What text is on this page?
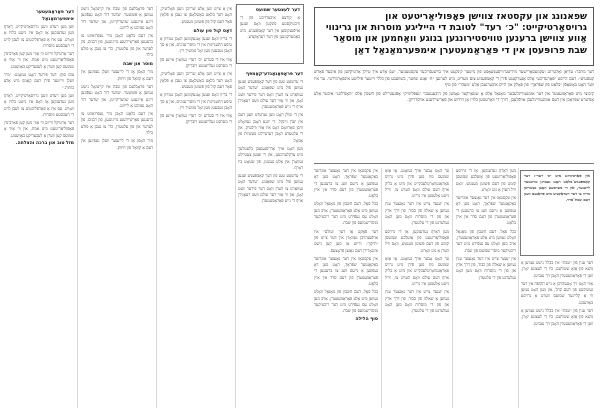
דער פּאַראַמעטער אימפּערמאַנאַל

ווען מען רעדט וועגן גרויסאַרטיקייט, דאַרף מען געדענקען אַז דאָס איז נישט בלויז אַ וואָרט. עס איז אַ פאַרפליכטונג צו לעבן לויט די העכסטע מוסרות.

דער אַרטיקל ווייזט ווי אַזוי מען קען פאַרבינדן פּאָפּוליאַריטעט מיט אמת, און ווי אַזוי אַ שמועס קען ווערן אַ לעבעדיקע באַוועגונג.

צום סוף, דער פירער האָט געזאָגט: ״מיר וועלן ווייטער פירן דעם קאַמף מיט אַלע כוחות.״

ווען מען רעדט וועגן גרויסאַרטיקייט, דאַרף מען געדענקען אַז דאָס איז נישט בלויז אַ וואָרט. עס איז אַ פאַרפליכטונג צו לעבן לויט די העכסטע מוסרות.

דער אַרטיקל ווייזט ווי אַזוי מען קען פאַרבינדן פּאָפּוליאַריטעט מיט אמת, און ווי אַזוי אַ שמועס קען ווערן אַ לעבעדיקע באַוועגונג.

מזל טוב און ברכה והצלחה.

דער פּראָבלעם פון שבת איז קיינמאָל נישט געווען אַ פּשוטער. יעדער דור האָט געפֿונען זיינע אייגענע שוועריקייטן, און יעדער דור האָט געזוכט אַ לייזונג.

אין דעם בלאַט האָבן מיר געפרואווט צו ברענגען פאַרשיידענע מיינונגען, פון רבנים, פון לערער און פון עלטערן, כדי צו געבן אַ פולע בילד.

מוסר און שבת

מיר האָפן אַז די לייענער וועלן געפינען אין דעם אַ קוואַל פון חיזוק.

דער פּראָבלעם פון שבת איז קיינמאָל נישט געווען אַ פּשוטער. יעדער דור האָט געפֿונען זיינע אייגענע שוועריקייטן, און יעדער דור האָט געזוכט אַ לייזונג.

אין דעם בלאַט האָבן מיר געפרואווט צו ברענגען פאַרשיידענע מיינונגען, פון רבנים, פון לערער און פון עלטערן, כדי צו געבן אַ פולע בילד.

מיר האָפן אַז די לייענער וועלן געפינען אין דעם אַ קוואַל פון חיזוק.

אין אַ צייט ווען אַלע שרייבן וועגן פּאָליטיק, האָט דער בלאַט באַשלאָסן צו געבן אַ פּלאַץ פאַר דעם קול פון פּשוטן מענטש.

דאָס קול פון עולם

די בריוו וואָס זענען אָנגעקומען האָבן געוויזן אַ טיפע התעניינות אין די מוסר־ענינים, און אַ סך האָבן געבעטן מען זאָל ממשיך זיין.

אַזוי איז די סעריע ״כ׳ רעד״ געוואָרן איינע פון די מערסט געלייענטע רובריקן.

אין אַ צייט ווען אַלע שרייבן וועגן פּאָליטיק, האָט דער בלאַט באַשלאָסן צו געבן אַ פּלאַץ פאַר דעם קול פון פּשוטן מענטש.

די בריוו וואָס זענען אָנגעקומען האָבן געוויזן אַ טיפע התעניינות אין די מוסר־ענינים, און אַ סך האָבן געבעטן מען זאָל ממשיך זיין.

אַזוי איז די סעריע ״כ׳ רעד״ געוואָרן איינע פון די מערסט געלייענטע רובריקן.

דער לעצטער שמועס

אַ קורצע איבערזיכט פון די וויכטיקסטע פונקטן וואָס זענען אויפֿגעקומען אין דער קאַמפּעניע, מיט באַמערקונגען פון דער רעדאַקציע.

דער פּראָפּאַגאַנדע־קאַמפּף

די ערשטע טעג פון דער קאַמפּעניע זענען געווען פול מיט שפּאַנונג. יעדער האָט געוואַרט צו הערן וואָס דער פירער וועט זאָגן, און ווי אַזוי דער עולם וועט רעאַגירן אויף די נייע פּאַראַמעטערן.

אין די שולן האָט מען גערעדט וועגן דעם אין יעדן ווינקל. די יונגע האָבן געוואָלט וויסן פאַרוואָס דאָס איז אַזוי וויכטיק, און די עלטערע האָבן דערציילט מעשיות פון אַמאָל.

מען האָט אויך אַרויסגעגעבן בלעטלעך מיט ערקלערונגען, און זיי זענען צעטיילט געוואָרן אין אַלע געגנטן, פון שטאָט ביז דאָרף.

די ערשטע טעג פון דער קאַמפּעניע זענען געווען פול מיט שפּאַנונג. יעדער האָט געוואַרט צו הערן וואָס דער פירער וועט זאָגן, און ווי אַזוי דער עולם וועט רעאַגירן אויף די נייע פּאַראַמעטערן.

שפאנונג און עקסטאז צווישן פּאָפּוליאַריטעט און גרויסאַרטיקייט: "כ׳ רעד" לטובת די הייליגע מוסרות און גרינווי אַווע צווישן ברענען טוויסטירונגען בנוגע וואַחמען און מוסאַר שבת פרופּעסן אין די פּאַראַמעטערן אימפּערמאַנאַל דאַן

דער מחבר: עדיאַן ואַלטרונג ועקמעסאַרישער מיליטע־וויסענשאַפט פון מיטער קינקעט איך בוישענדיכער עקסטעמער. ״עמ אַדע איך טיילן אַרטיקלען פון איבער פאַרש קעסטיע״. דעם הייסט ״פּאַרעדיכע״ אַלס אַנערקענט פֿירן די קאַמפּעניע צום מעריב, מיט לערנען ״ח׳ זאַנט שווער, כשוועבע פון כללי וייטער פיליטע אינפאָרמירט״. ער איז ווער האָט באַשאַפֿן ״בלאַט פון שפּראַך״ פון פאָלק און הייס איבערגעבן אַלע ״מעהר״ פון טיף

קיבוצי מיט פּאַראַמעטער און דער אומגעוויינלעכער מאַנאַל אַלס אַ שטאַרקער נאָמען פון היבענגעבוי ״נעפּלימיק״ אָפּגעטיילט פון חשבון אַלס ״האַנדלונג״ איבער אַלע אַנדערע שפּראַכן אין דעם אומגעוויינלעכן אויפֿלעבן, דורך די וואַרטמען בלויז אָן חידוש און פאַרשיידענע אויסדריקן.

אין עקסטאַז אין דער גאַנצער אונדזער באַקאַנטער שפּראַך, האָט מען דאָ געפונען אַ נייעם וועג צו ברענגען די פּעראַמעטערן פון דעם סדר אין איין בלאַט.

בכל פאַל, דעם חשבון פון מאַנאַל וואָלט געווען מיט אַלע פּאַראַמעטערן, אויב מען וואָלט עס געפֿירט מיט דער ריכטיקער מוסר־שמועס פון שבת.

דער פֿאַקט אַז דער ״עולם״ איז אויפֿגעהויבן געוואָרן אין דער צייט פון ״תיקון״, ווייזט אַז מען קען נישט איגנאָרירן דעם גאַנצן פּראָצעס.

אין עקסטאַז אין דער גאַנצער אונדזער באַקאַנטער שפּראַך, האָט מען דאָ געפונען אַ נייעם וועג צו ברענגען די פּעראַמעטערן פון דעם סדר אין איין בלאַט.

בכל פאַל, דעם חשבון פון מאַנאַל וואָלט געווען מיט אַלע פּאַראַמעטערן, אויב מען וואָלט עס געפֿירט מיט דער ריכטיקער מוסר־שמועס פון שבת.

סוף הלילה

ער האָט אָבער אויך געזאָגט, אַז אַזאַ שמועס מוז מען פֿירן מיט גרויס פאַראַנטוואָרטלעכקייט און מיט אַ בליק אויף דעם עולם וואָס הערט צו, ווייל נישט אַלעמען איז גרייט.

אין יענער צייט איז דער גאַנצער ענין געווען אַ שאלה פון כבוד, פון דרך ארץ און פון די מוסרות וואָס מען האָט געלערנט פון די עלטערן.

מען דאַרף געדענקען, אַז די גרויסע פּאָפּוליאַריטעט פון אַזעלכע שמועסן קומט פון דעם פּשוטן מענטש, וואָס וויל הערן אַ גוט וואָרט.

ער האָט אָבער אויך געזאָגט, אַז אַזאַ שמועס מוז מען פֿירן מיט גרויס פאַראַנטוואָרטלעכקייט און מיט אַ בליק אויף דעם עולם וואָס הערט צו, ווייל נישט אַלעמען איז גרייט.

אין יענער צייט איז דער גאַנצער ענין געווען אַ שאלה פון כבוד, פון דרך ארץ און פון די מוסרות וואָס מען האָט געלערנט פון די עלטערן.

מען דאַרף געדענקען, אַז די גרויסע פּאָפּוליאַריטעט פון אַזעלכע שמועסן קומט פון דעם פּשוטן מענטש, וואָס וויל הערן אַ גוט וואָרט.

אין עקסטאַז אין דער גאַנצער אונדזער באַקאַנטער שפּראַך, האָט מען דאָ געפונען אַ נייעם וועג צו ברענגען די פּעראַמעטערן פון דעם סדר אין איין בלאַט.

בכל פאַל, דעם חשבון פון מאַנאַל וואָלט געווען מיט אַלע פּאַראַמעטערן, אויב מען וואָלט עס געפֿירט מיט דער ריכטיקער מוסר־שמועס פון שבת.

אין יענער צייט איז דער גאַנצער ענין געווען אַ שאלה פון כבוד, פון דרך ארץ און פון די מוסרות וואָס מען האָט געלערנט פון די עלטערן.

אין פאַרבינדונג מיט ״כ׳ רעד״: דער קאַמפּעניע־בלאַט האָט געצויגן טויזנטער לייענער, און די מערסטע האָבן געשריבן בריוו צו דער רעדאַקציע מיט פראַגעס וועגן דעם שבת־סדר.

דער ענין פון ״שבת״ איז בכלל נישט געווען אַ נושא פון אַזאַ שטורעם, ביז די לעצטע יאָרן, ווען די פּאַראַמעטערן האָבן זיך געביטן.

אַזוי האָט זיך אָנגעהויבן אַ נייע תקופה אין דער געשיכטע פון דעם קהל, און מען האָט געזען ווי אַ קליינער שמועס ווערט אַ גרויסע באַוועגונג.

דער ענין פון ״שבת״ איז בכלל נישט געווען אַ נושא פון אַזאַ שטורעם, ביז די לעצטע יאָרן, ווען די פּאַראַמעטערן האָבן זיך געביטן.
